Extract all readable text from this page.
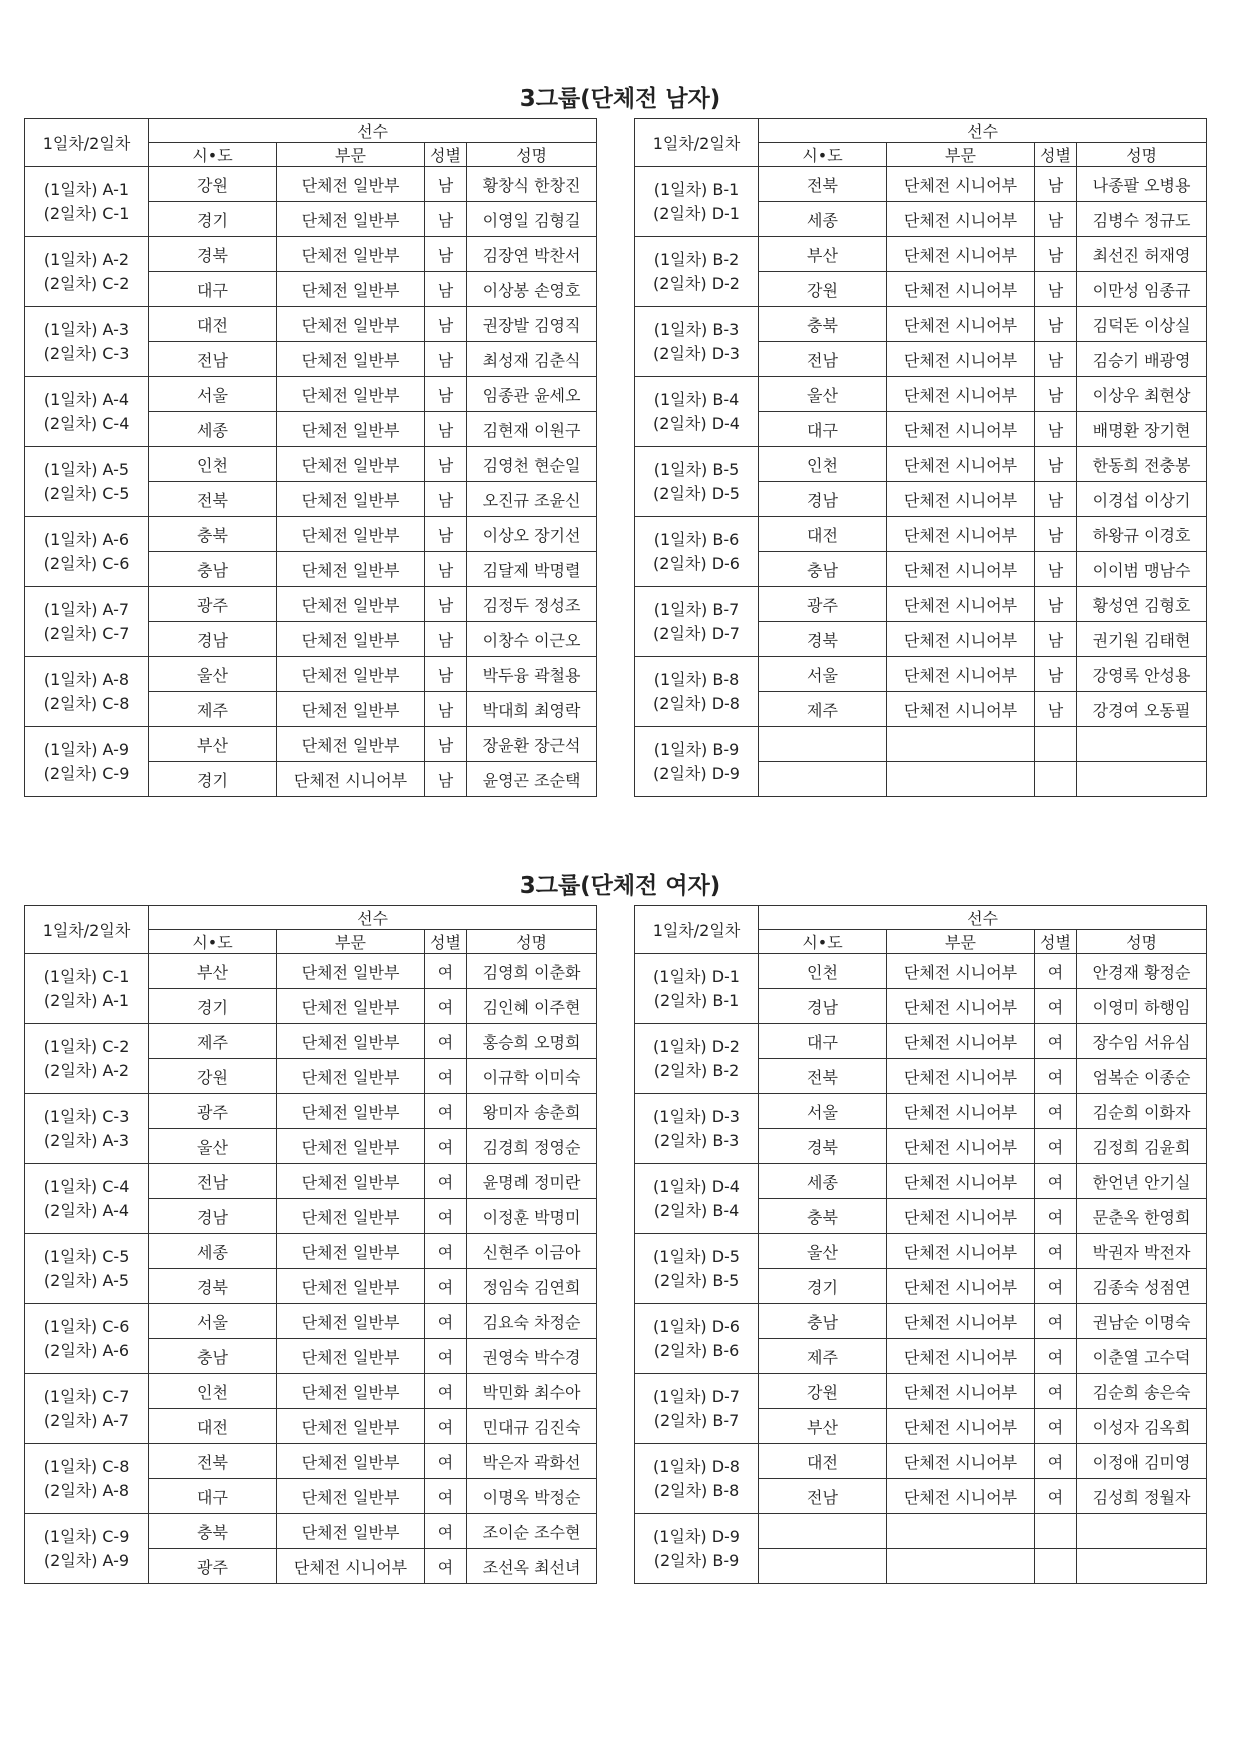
3그룹(단체전 남자)
1일차/2일차	선수			
	시•도	부문	성별	성명

(1일차) A-1
(2일차) C-1	강원	단체전 일반부	남	황창식 한창진
	경기	단체전 일반부	남	이영일 김형길

(1일차) A-2
(2일차) C-2	경북	단체전 일반부	남	김장연 박찬서
	대구	단체전 일반부	남	이상봉 손영호

(1일차) A-3
(2일차) C-3	대전	단체전 일반부	남	권장발 김영직
	전남	단체전 일반부	남	최성재 김춘식

(1일차) A-4
(2일차) C-4	서울	단체전 일반부	남	임종관 윤세오
	세종	단체전 일반부	남	김현재 이원구

(1일차) A-5
(2일차) C-5	인천	단체전 일반부	남	김영천 현순일
	전북	단체전 일반부	남	오진규 조윤신

(1일차) A-6
(2일차) C-6	충북	단체전 일반부	남	이상오 장기선
	충남	단체전 일반부	남	김달제 박명렬

(1일차) A-7
(2일차) C-7	광주	단체전 일반부	남	김정두 정성조
	경남	단체전 일반부	남	이창수 이근오

(1일차) A-8
(2일차) C-8	울산	단체전 일반부	남	박두융 곽철용
	제주	단체전 일반부	남	박대희 최영락

(1일차) A-9
(2일차) C-9	부산	단체전 일반부	남	장윤환 장근석
	경기	단체전 시니어부	남	윤영곤 조순택
1일차/2일차	선수			
	시•도	부문	성별	성명

(1일차) B-1
(2일차) D-1	전북	단체전 시니어부	남	나종팔 오병용
	세종	단체전 시니어부	남	김병수 정규도

(1일차) B-2
(2일차) D-2	부산	단체전 시니어부	남	최선진 허재영
	강원	단체전 시니어부	남	이만성 임종규

(1일차) B-3
(2일차) D-3	충북	단체전 시니어부	남	김덕돈 이상실
	전남	단체전 시니어부	남	김승기 배광영

(1일차) B-4
(2일차) D-4	울산	단체전 시니어부	남	이상우 최현상
	대구	단체전 시니어부	남	배명환 장기현

(1일차) B-5
(2일차) D-5	인천	단체전 시니어부	남	한동희 전충봉
	경남	단체전 시니어부	남	이경섭 이상기

(1일차) B-6
(2일차) D-6	대전	단체전 시니어부	남	하왕규 이경호
	충남	단체전 시니어부	남	이이범 맹남수

(1일차) B-7
(2일차) D-7	광주	단체전 시니어부	남	황성연 김형호
	경북	단체전 시니어부	남	권기원 김태현

(1일차) B-8
(2일차) D-8	서울	단체전 시니어부	남	강영록 안성용
	제주	단체전 시니어부	남	강경여 오동필

(1일차) B-9
(2일차) D-9				

3그룹(단체전 여자)
1일차/2일차	선수			
	시•도	부문	성별	성명

(1일차) C-1
(2일차) A-1	부산	단체전 일반부	여	김영희 이춘화
	경기	단체전 일반부	여	김인혜 이주현

(1일차) C-2
(2일차) A-2	제주	단체전 일반부	여	홍승희 오명희
	강원	단체전 일반부	여	이규학 이미숙

(1일차) C-3
(2일차) A-3	광주	단체전 일반부	여	왕미자 송춘희
	울산	단체전 일반부	여	김경희 정영순

(1일차) C-4
(2일차) A-4	전남	단체전 일반부	여	윤명례 정미란
	경남	단체전 일반부	여	이정훈 박명미

(1일차) C-5
(2일차) A-5	세종	단체전 일반부	여	신현주 이금아
	경북	단체전 일반부	여	정임숙 김연희

(1일차) C-6
(2일차) A-6	서울	단체전 일반부	여	김요숙 차정순
	충남	단체전 일반부	여	권영숙 박수경

(1일차) C-7
(2일차) A-7	인천	단체전 일반부	여	박민화 최수아
	대전	단체전 일반부	여	민대규 김진숙

(1일차) C-8
(2일차) A-8	전북	단체전 일반부	여	박은자 곽화선
	대구	단체전 일반부	여	이명옥 박정순

(1일차) C-9
(2일차) A-9	충북	단체전 일반부	여	조이순 조수현
	광주	단체전 시니어부	여	조선옥 최선녀
1일차/2일차	선수			
	시•도	부문	성별	성명

(1일차) D-1
(2일차) B-1	인천	단체전 시니어부	여	안경재 황정순
	경남	단체전 시니어부	여	이영미 하행임

(1일차) D-2
(2일차) B-2	대구	단체전 시니어부	여	장수임 서유심
	전북	단체전 시니어부	여	엄복순 이종순

(1일차) D-3
(2일차) B-3	서울	단체전 시니어부	여	김순희 이화자
	경북	단체전 시니어부	여	김정희 김윤희

(1일차) D-4
(2일차) B-4	세종	단체전 시니어부	여	한언년 안기실
	충북	단체전 시니어부	여	문춘옥 한영희

(1일차) D-5
(2일차) B-5	울산	단체전 시니어부	여	박권자 박전자
	경기	단체전 시니어부	여	김종숙 성점연

(1일차) D-6
(2일차) B-6	충남	단체전 시니어부	여	권남순 이명숙
	제주	단체전 시니어부	여	이춘열 고수덕

(1일차) D-7
(2일차) B-7	강원	단체전 시니어부	여	김순희 송은숙
	부산	단체전 시니어부	여	이성자 김옥희

(1일차) D-8
(2일차) B-8	대전	단체전 시니어부	여	이정애 김미영
	전남	단체전 시니어부	여	김성희 정월자

(1일차) D-9
(2일차) B-9				
